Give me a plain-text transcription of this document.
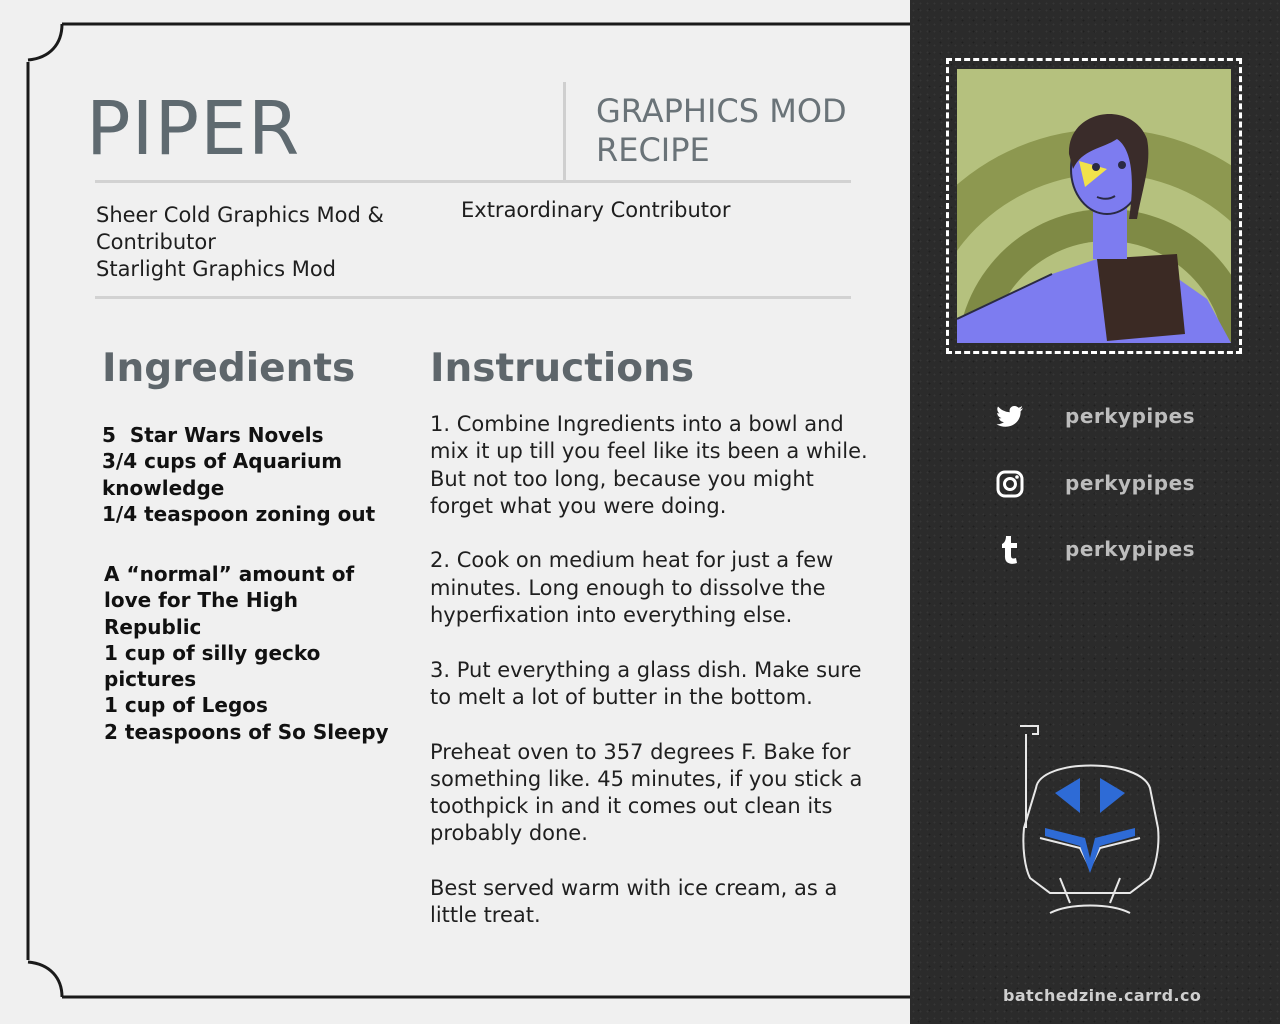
PIPER	GRAPHICS MOD
RECIPE
Sheer Cold Graphics Mod &
Contributor
Starlight Graphics Mod
Extraordinary Contributor
Ingredients
5  Star Wars Novels
3/4 cups of Aquarium
knowledge
1/4 teaspoon zoning out
A “normal” amount of
love for The High
Republic
1 cup of silly gecko
pictures
1 cup of Legos
2 teaspoons of So Sleepy
Instructions

1. Combine Ingredients into a bowl and mix it up till you feel like its been a while. But not too long, because you might forget what you were doing.

2. Cook on medium heat for just a few minutes. Long enough to dissolve the hyperfixation into everything else.

3. Put everything a glass dish. Make sure to melt a lot of butter in the bottom.

Preheat oven to 357 degrees F. Bake for something like. 45 minutes, if you stick a toothpick in and it comes out clean its probably done.

Best served warm with ice cream, as a little treat.

perkypipes
perkypipes
perkypipes
batchedzine.carrd.co
